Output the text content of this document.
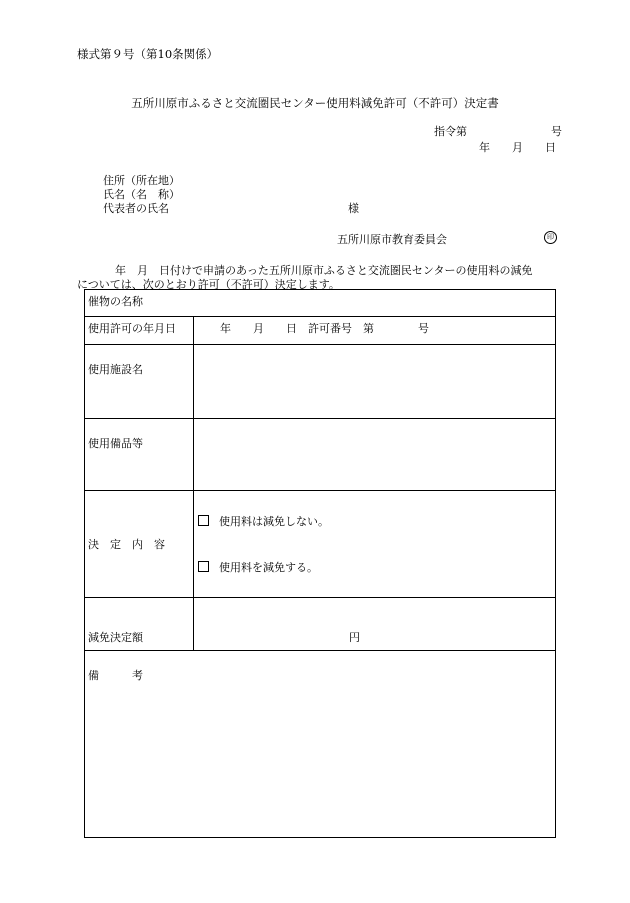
様式第９号（第10条関係）
五所川原市ふるさと交流圏民センター使用料減免許可（不許可）決定書
指令第	号
年　　月　　日
住所（所在地）
氏名（名　称）
代表者の氏名	様
五所川原市教育委員会	印
年　月　日付けで申請のあった五所川原市ふるさと交流圏民センターの使用料の減免
については、次のとおり許可（不許可）決定します。
催物の名称	
使用許可の年月日	年　　月　　日　許可番号　第　　　　号
使用施設名	
使用備品等	
決　定　内　容	使用料は減免しない。
使用料を減免する。

減免決定額	円

備　　　考	
